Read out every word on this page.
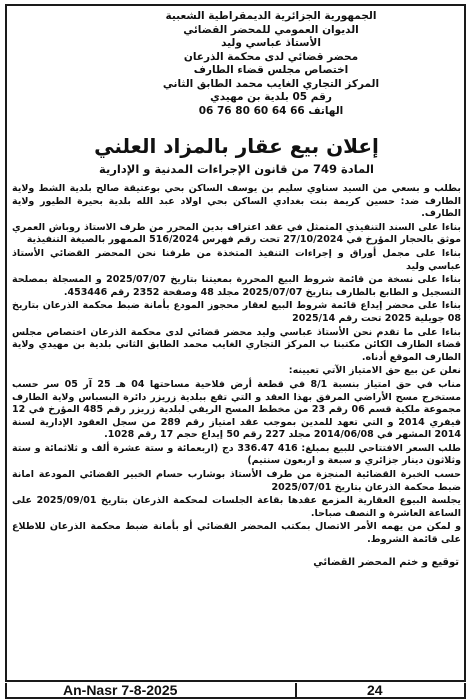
الجمهورية الجزائرية الديمقراطية الشعبية
الديوان العمومي للمحضر القضائي
الأستاذ عباسي وليد
محضر قضائي لدى محكمة الذرعان
اختصاص مجلس قضاء الطارف
المركز التجاري الغايب محمد الطابق الثاني
رقم 05 بلدية بن مهيدي
الهاتف 66 64 60 80 76 06
إعلان بيع عقار بالمزاد العلني
المادة 749 من قانون الإجراءات المدنية و الإدارية

بطلب و بسعي من السيد سناوي سليم بن يوسف الساكن بحي بوعتيقة صالح بلدية الشط ولاية الطارف ضد: حسين كريمة بنت بغدادي الساكن بحي اولاد عبد الله بلدية بحيرة الطيور ولاية الطارف.

بناءا على السند التنفيذي المتمثل في عقد اعتراف بدين المحرر من طرف الاستاذ روباش العمري موثق بالحجار المؤرخ في 27/10/2024 تحت رقم فهرس 516/2024 الممهور بالصيغة التنفيذية

بناءا على مجمل أوراق و إجراءات التنفيذ المتخذة من طرفنا نحن المحضر القضائي الأستاذ عباسي وليد

بناءا على نسخة من قائمة شروط البيع المحررة بمعيتنا بتاريخ 2025/07/07 و المسجلة بمصلحة التسجيل و الطابع بالطارف بتاريخ 2025/07/07 مجلد 48 وصفحة 2352 رقم 453446.

بناءا على محضر إيداع قائمة شروط البيع لعقار محجوز المودع بأمانة ضبط محكمة الذرعان بتاريخ 08 جويلية 2025 تحت رقم 2025/14

بناءا على ما تقدم نحن الأستاذ عباسي وليد محضر قضائي لدى محكمة الذرعان اختصاص مجلس قضاء الطارف الكائن مكتبنا ب المركز التجاري الغايب محمد الطابق الثاني بلدية بن مهيدي ولاية الطارف الموقع أدناه.

نعلن عن بيع حق الامتياز الآتي تعيينه:

مناب في حق امتياز بنسبة 8/1 في قطعة أرض فلاحية مساحتها 04 هـ 25 آر 05 سر حسب مستخرج مسح الأراضي المرفق بهذا العقد و التي تقع ببلدية زريزر دائرة البسباس ولاية الطارف مجموعة ملكية قسم 06 رقم 23 من مخطط المسح الريفي لبلدية زريزر رقم 485 المؤرخ في 12 فيفري 2014 و التي تعهد للمدين بموجب عقد امتياز رقم 289 من سجل العقود الإدارية لسنة 2014 المشهر في 2014/06/08 مجلد 227 رقم 50 إيداع حجم 17 رقم 1028.

طلب السعر الافتتاحي للبيع بمبلغ: 416 336.47 دج (اربعمائة و ستة عشرة ألف و ثلاثمائة و ستة وثلاثون دينار جزائري و سبعة و اربعون سنتيم)

حسب الخبرة القضائية المنجزة من طرف الأستاذ بوشارب حسام الخبير القضائي المودعة امانة ضبط محكمة الذرعان بتاريخ 2025/07/01

يجلسة البيوع العقارية المزمع عقدها بقاعة الجلسات لمحكمة الذرعان بتاريخ 2025/09/01 على الساعة العاشرة و النصف صباحا.

و لمكن من يهمه الأمر الاتصال بمكتب المحضر القضائي أو بأمانة ضبط محكمة الذرعان للاطلاع على قائمة الشروط.

توقيع و ختم المحضر القضائي
An-Nasr 7-8-2025	24
